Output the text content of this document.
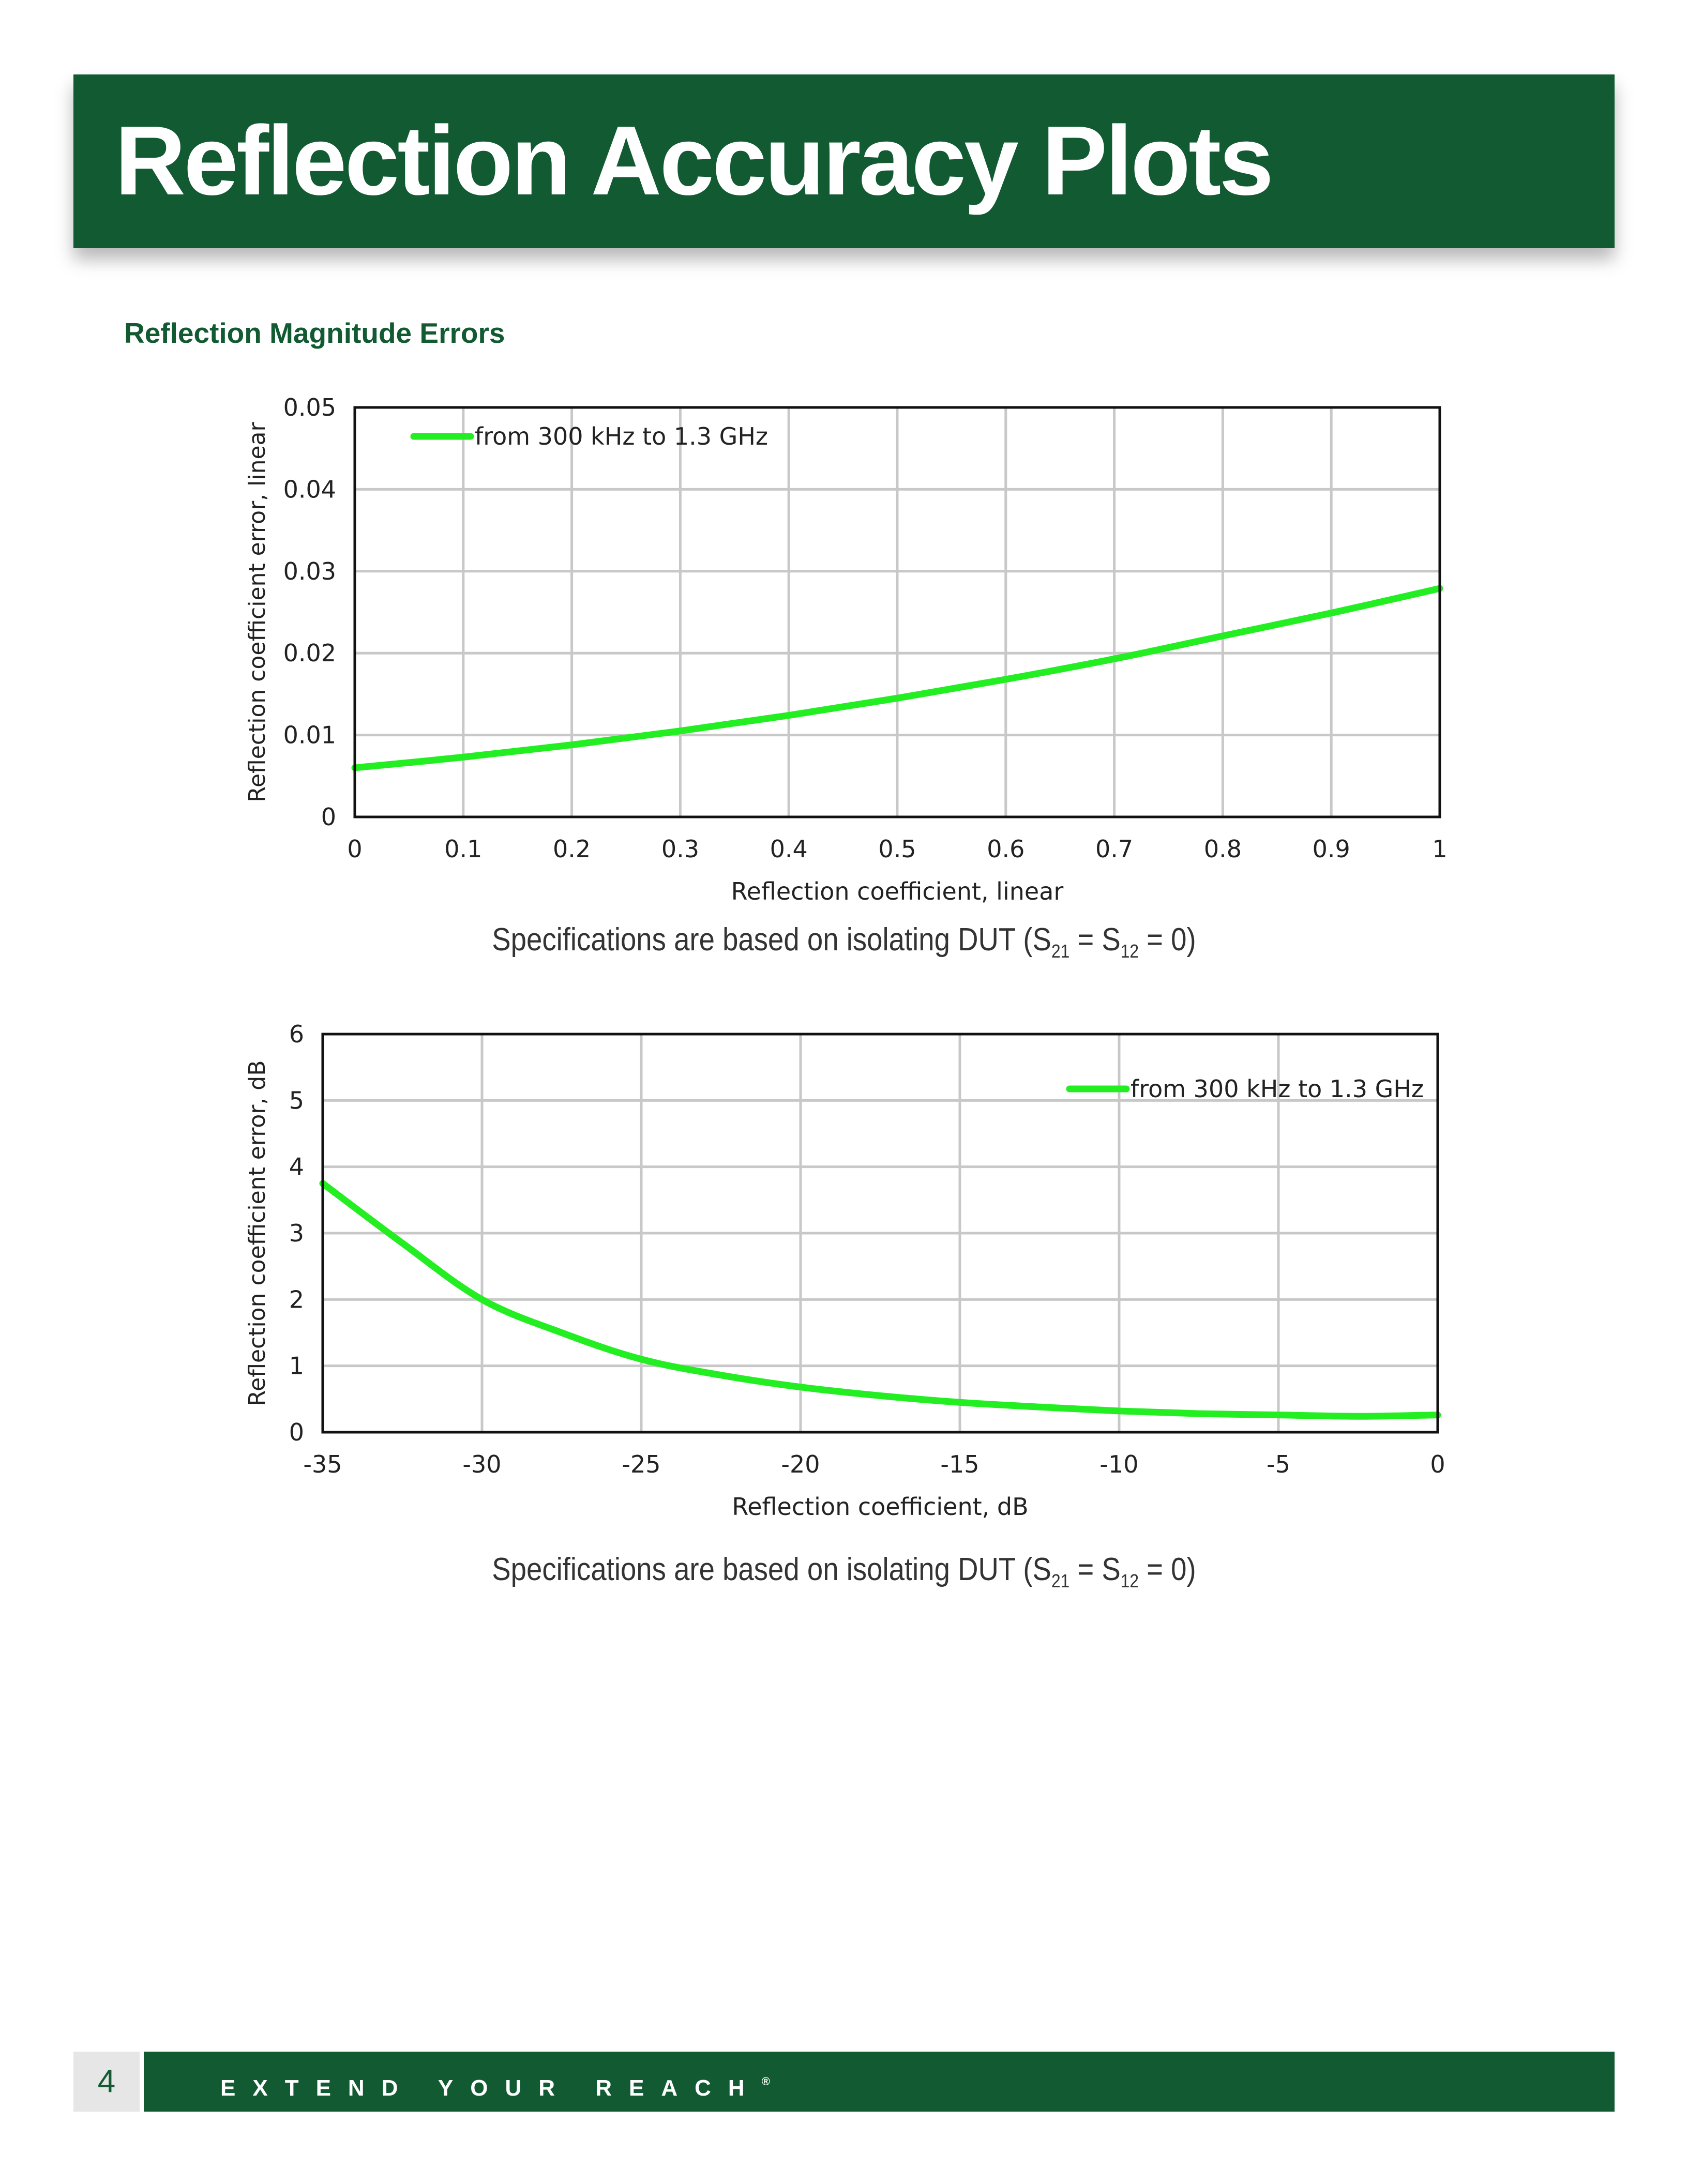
Reflection Accuracy Plots
Reflection Magnitude Errors
from 300 kHz to 1.3 GHz
0	0.1	0.2	0.3	0.4	0.5	0.6	0.7	0.8	0.9	1
0
0.01
0.02
0.03
0.04
0.05
Reflection coefficient, linear
Reflection coefficient error, linear

Specifications are based on isolating DUT $(S_{21} = S_{12} = 0)$

from 300 kHz to 1.3 GHz
-35	-30	-25	-20	-15	-10	-5	0
0
1
2
3
4
5
6
Reflection coefficient, dB
Reflection coefficient error, dB

Specifications are based on isolating DUT $(S_{21} = S_{12} = 0)$

4	EXTEND YOUR REACH®
